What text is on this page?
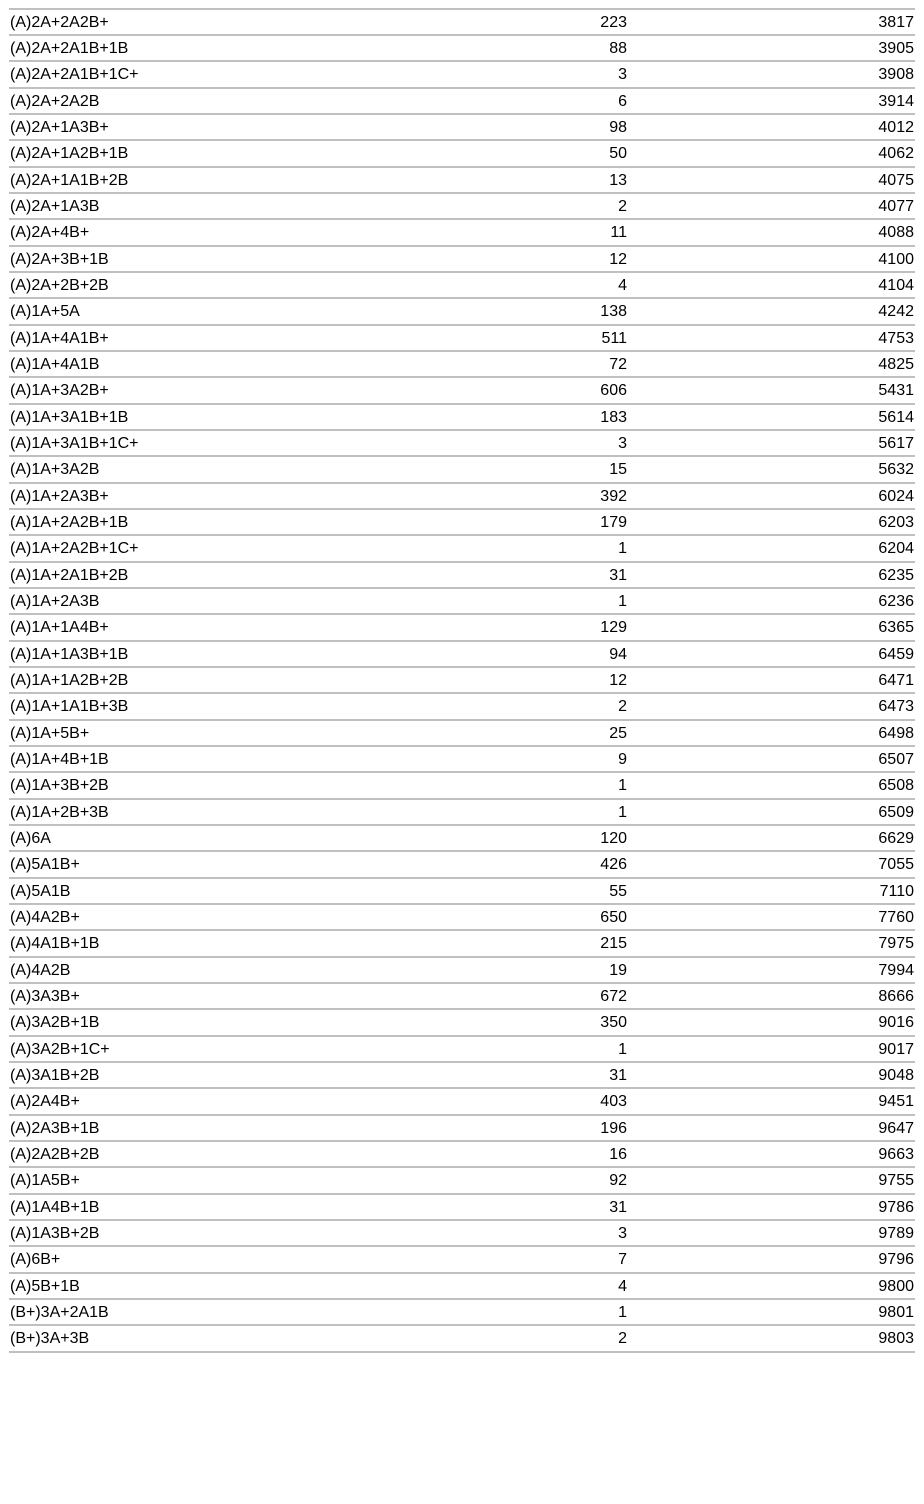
(A)2A+2A2B+	223	3817
(A)2A+2A1B+1B	88	3905
(A)2A+2A1B+1C+	3	3908
(A)2A+2A2B	6	3914
(A)2A+1A3B+	98	4012
(A)2A+1A2B+1B	50	4062
(A)2A+1A1B+2B	13	4075
(A)2A+1A3B	2	4077
(A)2A+4B+	11	4088
(A)2A+3B+1B	12	4100
(A)2A+2B+2B	4	4104
(A)1A+5A	138	4242
(A)1A+4A1B+	511	4753
(A)1A+4A1B	72	4825
(A)1A+3A2B+	606	5431
(A)1A+3A1B+1B	183	5614
(A)1A+3A1B+1C+	3	5617
(A)1A+3A2B	15	5632
(A)1A+2A3B+	392	6024
(A)1A+2A2B+1B	179	6203
(A)1A+2A2B+1C+	1	6204
(A)1A+2A1B+2B	31	6235
(A)1A+2A3B	1	6236
(A)1A+1A4B+	129	6365
(A)1A+1A3B+1B	94	6459
(A)1A+1A2B+2B	12	6471
(A)1A+1A1B+3B	2	6473
(A)1A+5B+	25	6498
(A)1A+4B+1B	9	6507
(A)1A+3B+2B	1	6508
(A)1A+2B+3B	1	6509
(A)6A	120	6629
(A)5A1B+	426	7055
(A)5A1B	55	7110
(A)4A2B+	650	7760
(A)4A1B+1B	215	7975
(A)4A2B	19	7994
(A)3A3B+	672	8666
(A)3A2B+1B	350	9016
(A)3A2B+1C+	1	9017
(A)3A1B+2B	31	9048
(A)2A4B+	403	9451
(A)2A3B+1B	196	9647
(A)2A2B+2B	16	9663
(A)1A5B+	92	9755
(A)1A4B+1B	31	9786
(A)1A3B+2B	3	9789
(A)6B+	7	9796
(A)5B+1B	4	9800
(B+)3A+2A1B	1	9801
(B+)3A+3B	2	9803
